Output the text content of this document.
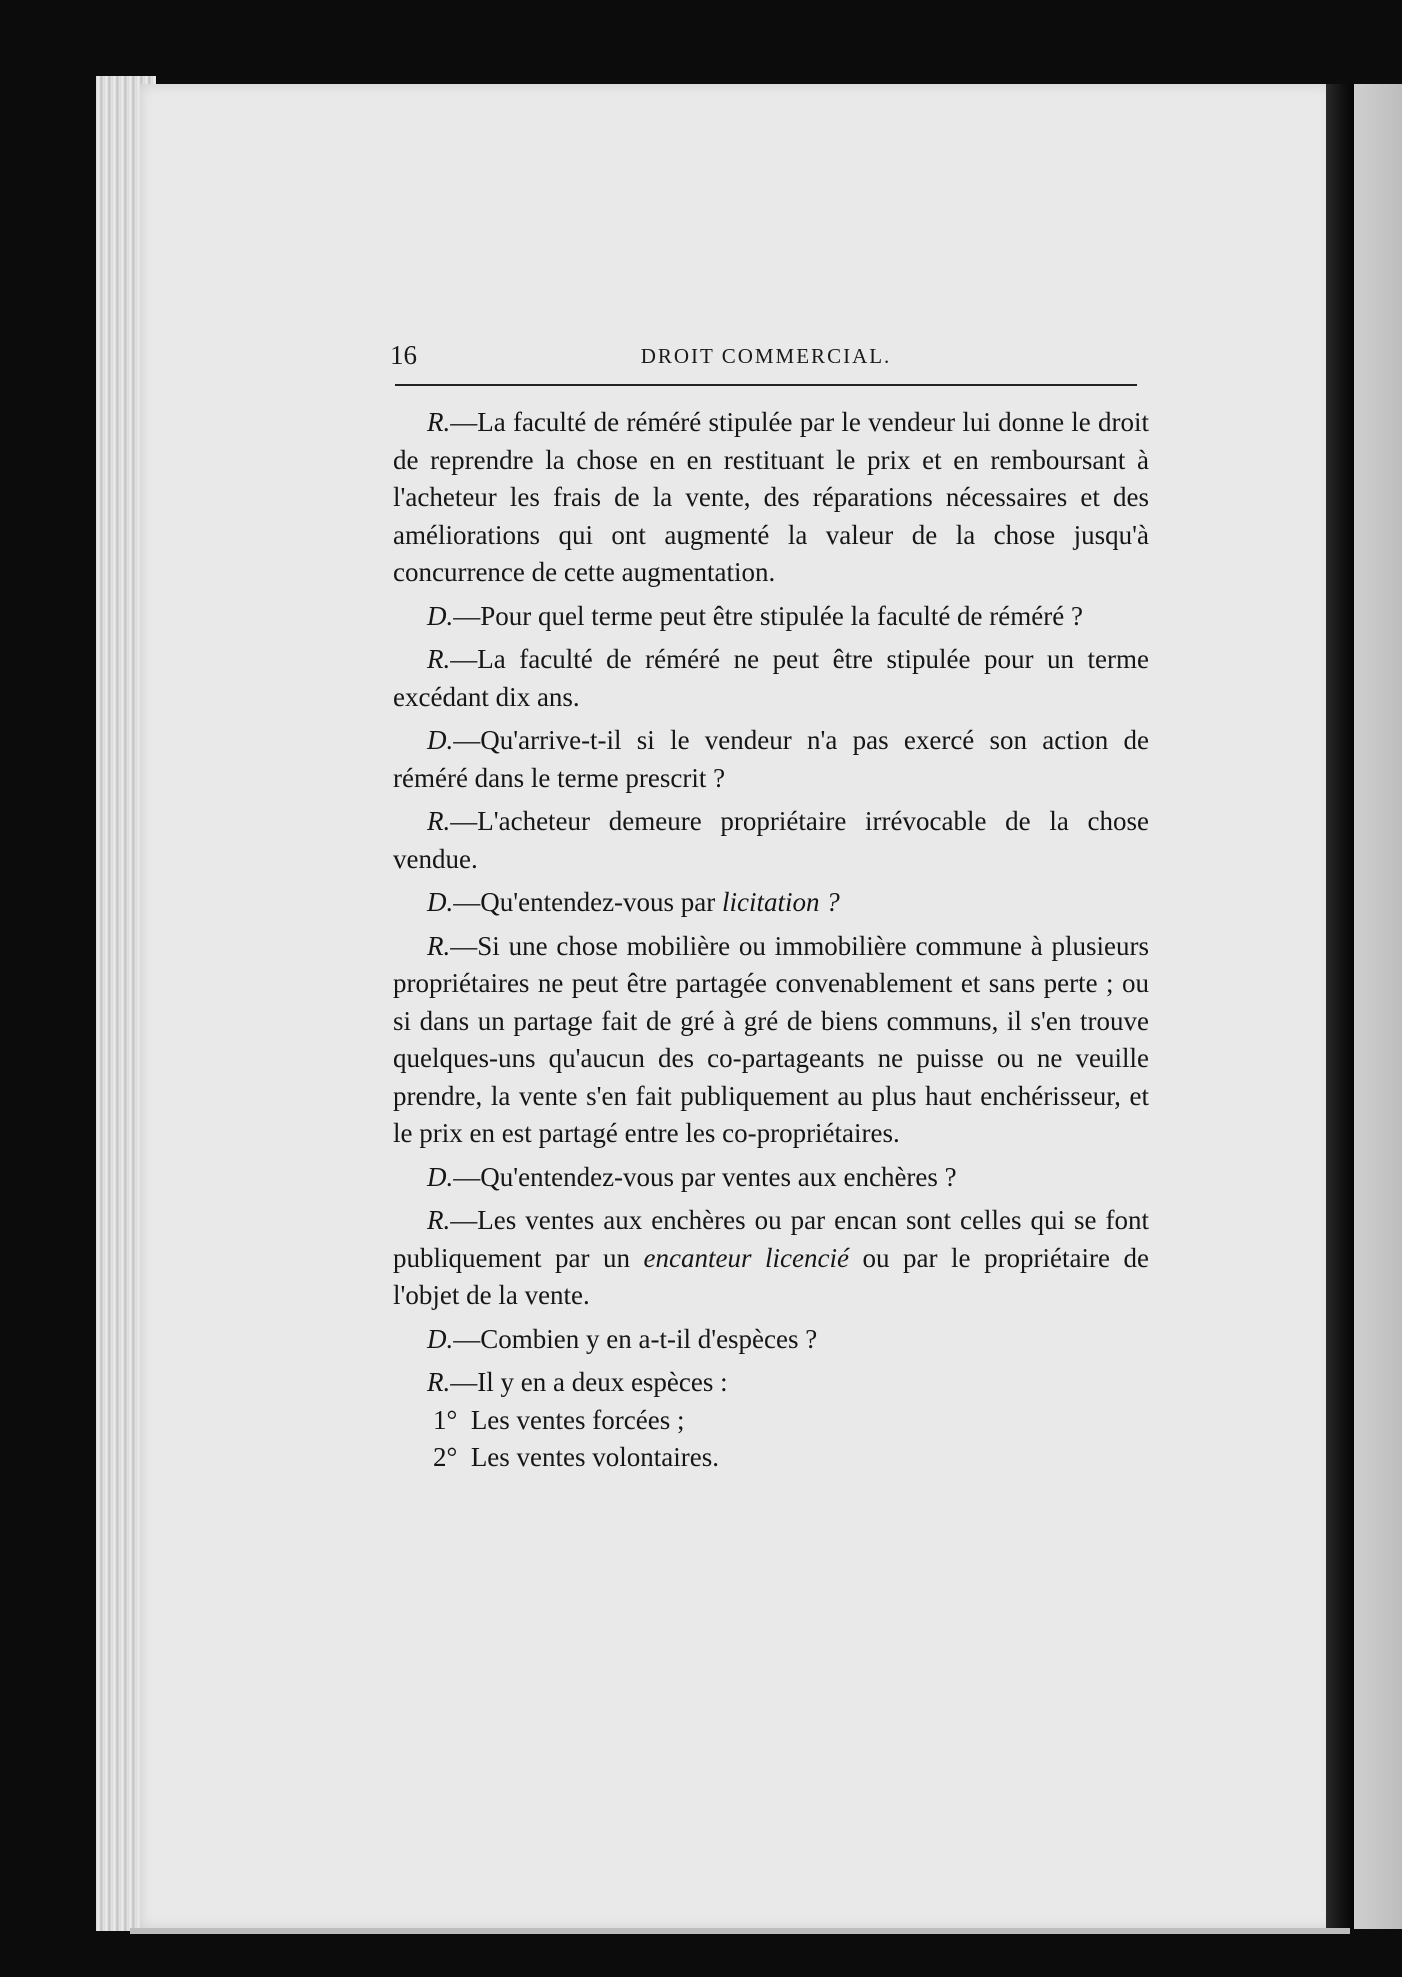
16	DROIT COMMERCIAL.

R.—La faculté de réméré stipulée par le vendeur lui donne le droit de reprendre la chose en en restituant le prix et en remboursant à l'acheteur les frais de la vente, des réparations nécessaires et des améliorations qui ont augmenté la valeur de la chose jusqu'à concurrence de cette augmentation.

D.—Pour quel terme peut être stipulée la faculté de réméré ?

R.—La faculté de réméré ne peut être stipulée pour un terme excédant dix ans.

D.—Qu'arrive-t-il si le vendeur n'a pas exercé son action de réméré dans le terme prescrit ?

R.—L'acheteur demeure propriétaire irrévocable de la chose vendue.

D.—Qu'entendez-vous par licitation ?

R.—Si une chose mobilière ou immobilière commune à plusieurs propriétaires ne peut être partagée convenablement et sans perte ; ou si dans un partage fait de gré à gré de biens communs, il s'en trouve quelques-uns qu'aucun des co-partageants ne puisse ou ne veuille prendre, la vente s'en fait publiquement au plus haut enchérisseur, et le prix en est partagé entre les co-propriétaires.

D.—Qu'entendez-vous par ventes aux enchères ?

R.—Les ventes aux enchères ou par encan sont celles qui se font publiquement par un encanteur licencié ou par le propriétaire de l'objet de la vente.

D.—Combien y en a-t-il d'espèces ?

R.—Il y en a deux espèces :

1° Les ventes forcées ;

2° Les ventes volontaires.
